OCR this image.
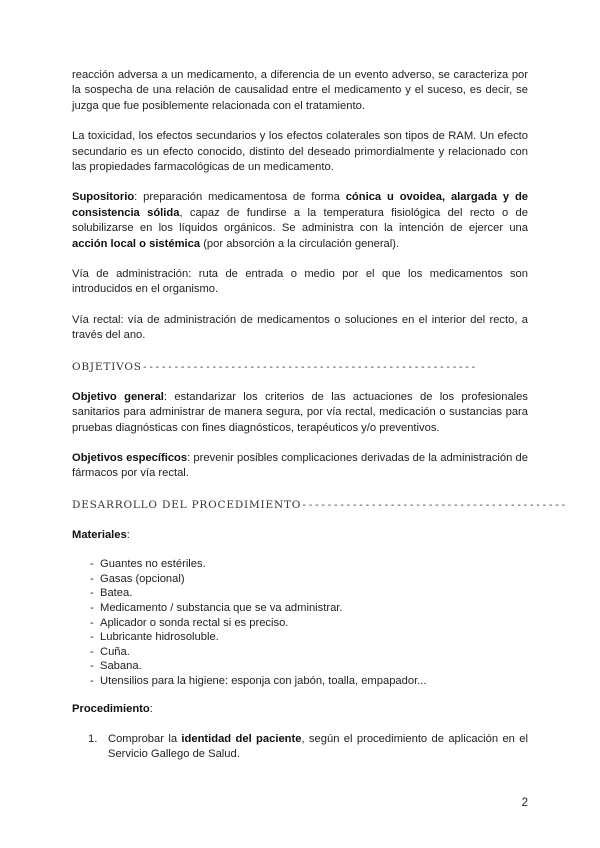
reacción adversa a un medicamento, a diferencia de un evento adverso, se caracteriza por la sospecha de una relación de causalidad entre el medicamento y el suceso, es decir, se juzga que fue posiblemente relacionada con el tratamiento.

La toxicidad, los efectos secundarios y los efectos colaterales son tipos de RAM. Un efecto secundario es un efecto conocido, distinto del deseado primordialmente y relacionado con las propiedades farmacológicas de un medicamento.

Supositorio: preparación medicamentosa de forma cónica u ovoidea, alargada y de consistencia sólida, capaz de fundirse a la temperatura fisiológica del recto o de solubilizarse en los líquidos orgánicos. Se administra con la intención de ejercer una acción local o sistémica (por absorción a la circulación general).

Vía de administración: ruta de entrada o medio por el que los medicamentos son introducidos en el organismo.

Vía rectal: vía de administración de medicamentos o soluciones en el interior del recto, a través del ano.

OBJETIVOS-----------------------------------------------------

Objetivo general: estandarizar los criterios de las actuaciones de los profesionales sanitarios para administrar de manera segura, por vía rectal, medicación o sustancias para pruebas diagnósticas con fines diagnósticos, terapéuticos y/o preventivos.

Objetivos específicos: prevenir posibles complicaciones derivadas de la administración de fármacos por vía rectal.

DESARROLLO DEL PROCEDIMIENTO------------------------------------------
Materiales:
- Guantes no estériles.
- Gasas (opcional)
- Batea.
- Medicamento / substancia que se va administrar.
- Aplicador o sonda rectal si es preciso.
- Lubricante hidrosoluble.
- Cuña.
- Sabana.
- Utensilios para la higiene: esponja con jabón, toalla, empapador...
Procedimiento:
1. Comprobar la identidad del paciente, según el procedimiento de aplicación en el Servicio Gallego de Salud.
2
